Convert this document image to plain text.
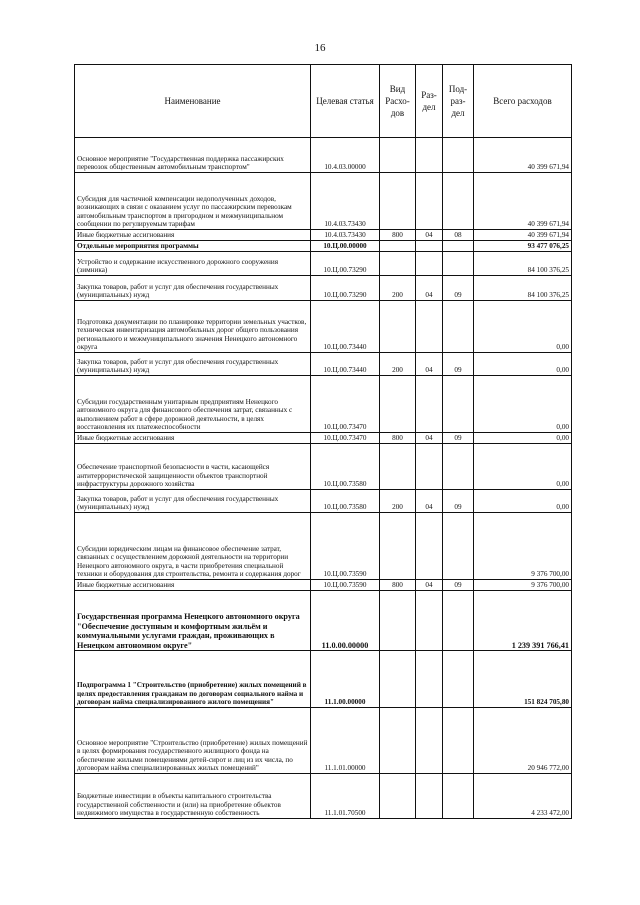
16
Наименование	Целевая статья	Вид Расхо-дов	Раз-дел	Под-раз-дел	Всего расходов
Основное мероприятие "Государственная поддержка пассажирских перевозок общественным автомобильным транспортом"	10.4.03.00000				40 399 671,94
Субсидия для частичной компенсации недополученных доходов, возникающих в связи с оказанием услуг по пассажирским перевозкам автомобильным транспортом в пригородном и межмуниципальном сообщении по регулируемым тарифам	10.4.03.73430				40 399 671,94
Иные бюджетные ассигнования	10.4.03.73430	800	04	08	40 399 671,94
Отдельные мероприятия программы	10.Ц.00.00000				93 477 076,25
Устройство и содержание искусственного дорожного сооружения (зимника)	10.Ц.00.73290				84 100 376,25
Закупка товаров, работ и услуг для обеспечения государственных (муниципальных) нужд	10.Ц.00.73290	200	04	09	84 100 376,25
Подготовка документации по планировке территории земельных участков, техническая инвентаризация автомобильных дорог общего пользования регионального и межмуниципального значения Ненецкого автономного округа	10.Ц.00.73440				0,00
Закупка товаров, работ и услуг для обеспечения государственных (муниципальных) нужд	10.Ц.00.73440	200	04	09	0,00
Субсидии государственным унитарным предприятиям Ненецкого автономного округа для финансового обеспечения затрат, связанных с выполнением работ в сфере дорожной деятельности, в целях восстановления их платежеспособности	10.Ц.00.73470				0,00
Иные бюджетные ассигнования	10.Ц.00.73470	800	04	09	0,00
Обеспечение транспортной безопасности в части, касающейся антитеррористической защищенности объектов транспортной инфраструктуры дорожного хозяйства	10.Ц.00.73580				0,00
Закупка товаров, работ и услуг для обеспечения государственных (муниципальных) нужд	10.Ц.00.73580	200	04	09	0,00
Субсидии юридическим лицам на финансовое обеспечение затрат, связанных с осуществлением дорожной деятельности на территории Ненецкого автономного округа, в части приобретения специальной техники и оборудования для строительства, ремонта и содержания дорог	10.Ц.00.73590				9 376 700,00
Иные бюджетные ассигнования	10.Ц.00.73590	800	04	09	9 376 700,00
Государственная программа Ненецкого автономного округа "Обеспечение доступным и комфортным жильём и коммунальными услугами граждан, проживающих в Ненецком автономном округе"	11.0.00.00000				1 239 391 766,41
Подпрограмма 1 "Строительство (приобретение) жилых помещений в целях предоставления гражданам по договорам социального найма и договорам найма специализированного жилого помещения"	11.1.00.00000				151 824 705,80
Основное мероприятие "Строительство (приобретение) жилых помещений в целях формирования государственного жилищного фонда на обеспечение жилыми помещениями детей-сирот и лиц из их числа, по договорам найма специализированных жилых помещений"	11.1.01.00000				20 946 772,00
Бюджетные инвестиции в объекты капитального строительства государственной собственности и (или) на приобретение объектов недвижимого имущества в государственную собственность	11.1.01.70500				4 233 472,00
